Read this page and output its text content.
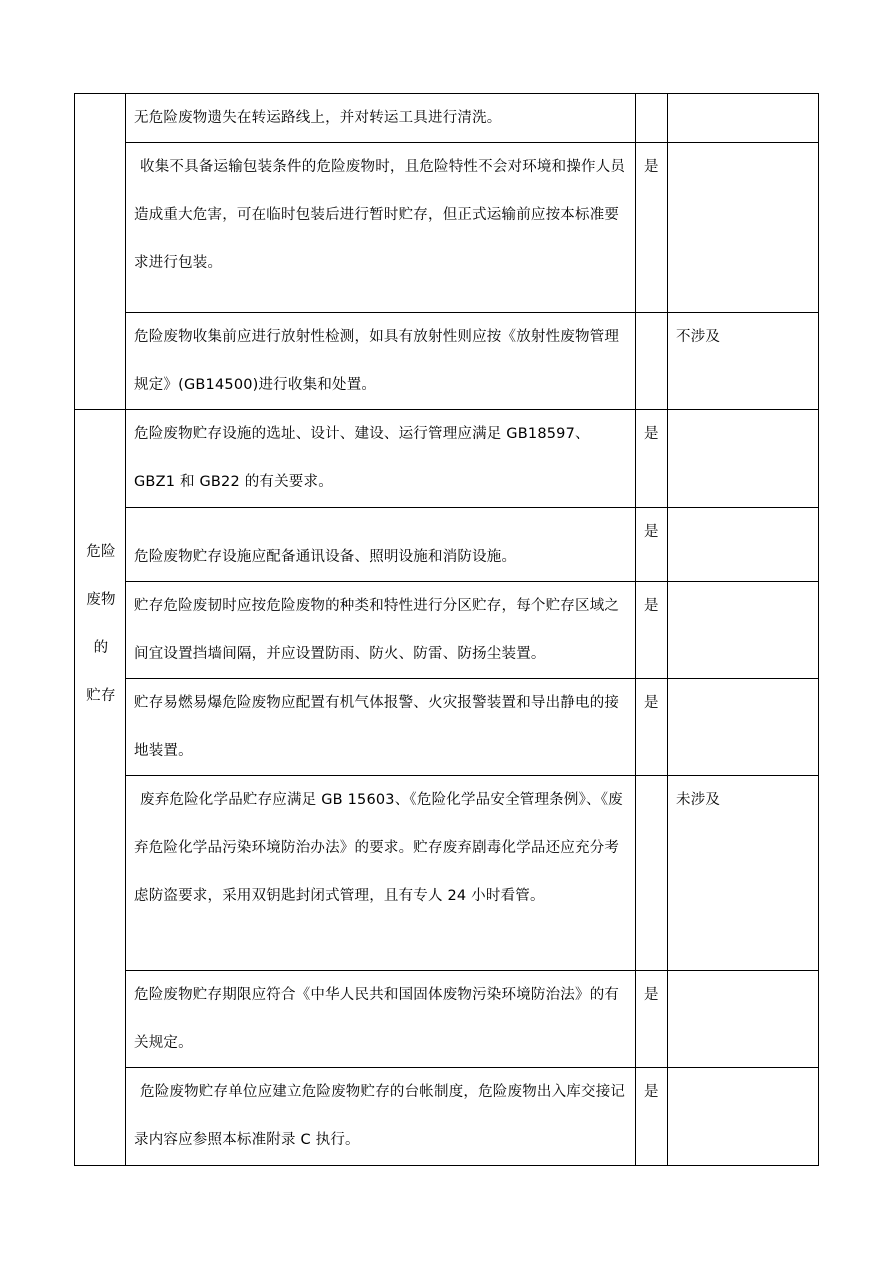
	无危险废物遗失在转运路线上，并对转运工具进行清洗。		
	收集不具备运输包装条件的危险废物时，且危险特性不会对环境和操作人员造成重大危害，可在临时包装后进行暂时贮存，但正式运输前应按本标准要求进行包装。	是	
	危险废物收集前应进行放射性检测，如具有放射性则应按《放射性废物管理规定》(GB14500)进行收集和处置。		不涉及

危险
废物
的
贮存	危险废物贮存设施的选址、设计、建设、运行管理应满足 GB18597、GBZ1 和 GB22 的有关要求。	是	
	危险废物贮存设施应配备通讯设备、照明设施和消防设施。	是	
	贮存危险废韧时应按危险废物的种类和特性进行分区贮存，每个贮存区域之间宜设置挡墙间隔，并应设置防雨、防火、防雷、防扬尘装置。	是	
	贮存易燃易爆危险废物应配置有机气体报警、火灾报警装置和导出静电的接地装置。	是	
	废弃危险化学品贮存应满足 GB 15603、《危险化学品安全管理条例》、《废弃危险化学品污染环境防治办法》的要求。贮存废弃剧毒化学品还应充分考虑防盗要求，采用双钥匙封闭式管理，且有专人 24 小时看管。		未涉及
	危险废物贮存期限应符合《中华人民共和国固体废物污染环境防治法》的有关规定。	是	
	危险废物贮存单位应建立危险废物贮存的台帐制度，危险废物出入库交接记录内容应参照本标准附录 C 执行。	是	
